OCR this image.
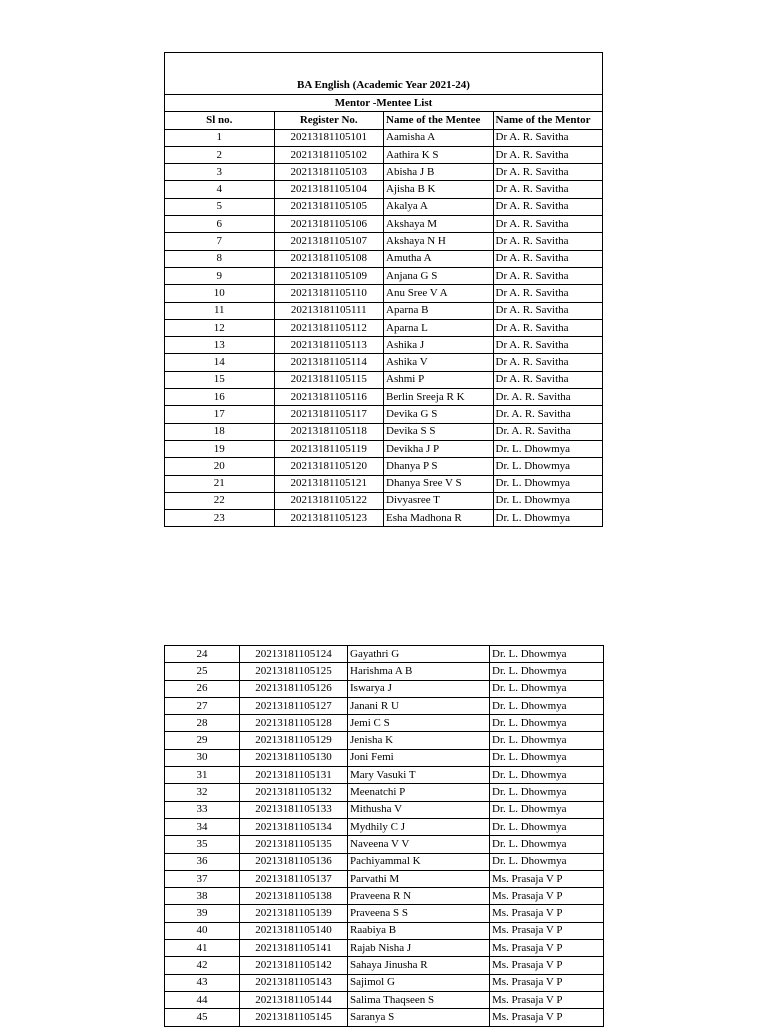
BA English (Academic Year 2021-24)			
Mentor -Mentee List			
Sl no.	Register No.	Name of the Mentee	Name of the Mentor
1	20213181105101	Aamisha A	Dr A. R. Savitha
2	20213181105102	Aathira K S	Dr A. R. Savitha
3	20213181105103	Abisha J B	Dr A. R. Savitha
4	20213181105104	Ajisha B K	Dr A. R. Savitha
5	20213181105105	Akalya A	Dr A. R. Savitha
6	20213181105106	Akshaya M	Dr A. R. Savitha
7	20213181105107	Akshaya N H	Dr A. R. Savitha
8	20213181105108	Amutha A	Dr A. R. Savitha
9	20213181105109	Anjana G S	Dr A. R. Savitha
10	20213181105110	Anu Sree V A	Dr A. R. Savitha
11	20213181105111	Aparna B	Dr A. R. Savitha
12	20213181105112	Aparna L	Dr A. R. Savitha
13	20213181105113	Ashika J	Dr A. R. Savitha
14	20213181105114	Ashika V	Dr A. R. Savitha
15	20213181105115	Ashmi P	Dr A. R. Savitha
16	20213181105116	Berlin Sreeja R K	Dr. A. R. Savitha
17	20213181105117	Devika G S	Dr. A. R. Savitha
18	20213181105118	Devika S S	Dr. A. R. Savitha
19	20213181105119	Devikha J P	Dr. L. Dhowmya
20	20213181105120	Dhanya P S	Dr. L. Dhowmya
21	20213181105121	Dhanya Sree V S	Dr. L. Dhowmya
22	20213181105122	Divyasree T	Dr. L. Dhowmya
23	20213181105123	Esha Madhona R	Dr. L. Dhowmya
24	20213181105124	Gayathri G	Dr. L. Dhowmya
25	20213181105125	Harishma A B	Dr. L. Dhowmya
26	20213181105126	Iswarya J	Dr. L. Dhowmya
27	20213181105127	Janani R U	Dr. L. Dhowmya
28	20213181105128	Jemi C S	Dr. L. Dhowmya
29	20213181105129	Jenisha K	Dr. L. Dhowmya
30	20213181105130	Joni Femi	Dr. L. Dhowmya
31	20213181105131	Mary Vasuki T	Dr. L. Dhowmya
32	20213181105132	Meenatchi P	Dr. L. Dhowmya
33	20213181105133	Mithusha V	Dr. L. Dhowmya
34	20213181105134	Mydhily C J	Dr. L. Dhowmya
35	20213181105135	Naveena V V	Dr. L. Dhowmya
36	20213181105136	Pachiyammal K	Dr. L. Dhowmya
37	20213181105137	Parvathi M	Ms. Prasaja V P
38	20213181105138	Praveena R N	Ms. Prasaja V P
39	20213181105139	Praveena S S	Ms. Prasaja V P
40	20213181105140	Raabiya B	Ms. Prasaja V P
41	20213181105141	Rajab Nisha J	Ms. Prasaja V P
42	20213181105142	Sahaya Jinusha R	Ms. Prasaja V P
43	20213181105143	Sajimol G	Ms. Prasaja V P
44	20213181105144	Salima Thaqseen S	Ms. Prasaja V P
45	20213181105145	Saranya S	Ms. Prasaja V P
